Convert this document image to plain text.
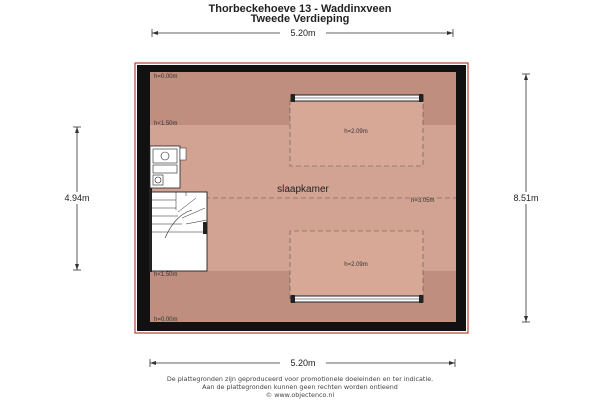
Thorbeckehoeve 13 - Waddinxveen
Tweede Verdieping
5.20m
4.94m	8.51m
5.20m
h=0.00m
h<1.50m
h=2.09m
h=3.05m
h<1.50m
h=2.09m
h=0.00m
slaapkamer
De plattegronden zijn geproduceerd voor promotionele doeleinden en ter indicatie.
Aan de plattegronden kunnen geen rechten worden ontleend
© www.objectenco.nl
